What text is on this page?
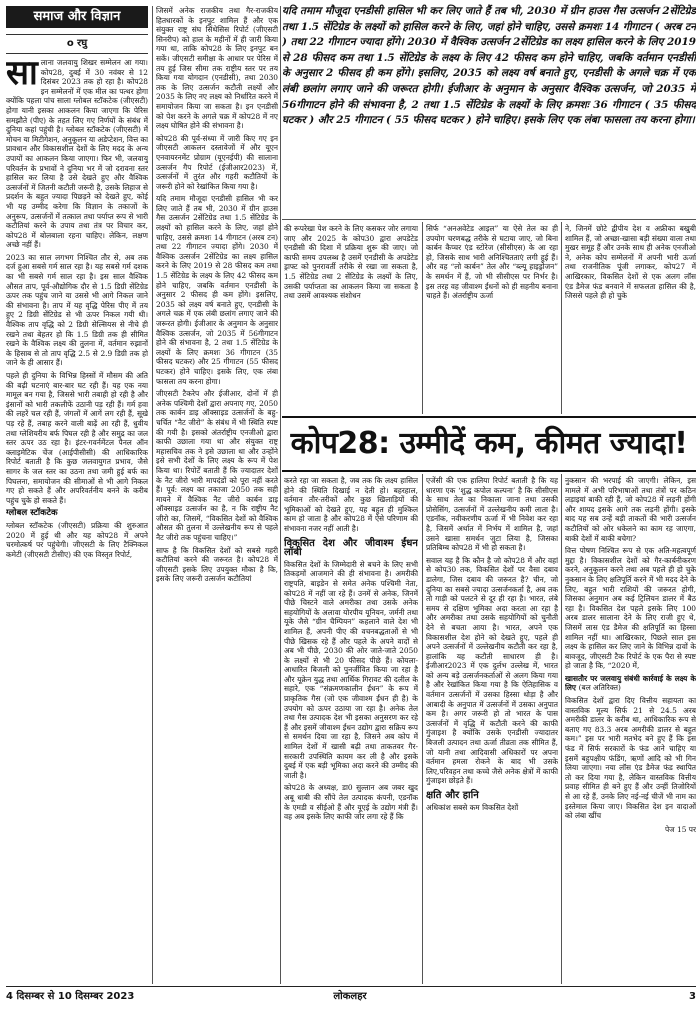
समाज और विज्ञान
ο रघु

सालाना जलवायु शिखर सम्मेलन आ गया। कोप28, दुबई में 30 नवंबर से 12 दिसंबर 2023 तक हो रहा है। कोप28 इन सम्मेलनों में एक मील का पत्थर होगा क्योंकि पहला पांच साला ग्लोबल स्टॉकटेक (जीएसटी) होगा यानी इसका आकलन किया जाएगा कि पेरिस समझौते (पीए) के तहत लिए गए निर्णयों के संबंध में दुनिया कहां पहुंची है। ग्लोबल स्टॉकटेक (जीएसटी) में मोचन या मिटीगेशन, अनुकूलन या अडेप्टेशन, वित्त का प्रावधान और विकासशील देशों के लिए मदद के अन्य उपायों का आकलन किया जाएगा। फिर भी, जलवायु परिवर्तन के प्रभावों ने दुनिया भर में जो दरावना स्तर हासिल कर लिया है उसे देखते हुए और वैश्विक उत्सर्जनों में जितनी कटौती जरूरी है, उसके लिहाज से प्रदर्शन के बहुत ज्यादा पिछड़ने को देखते हुए, कोई भी यह उम्मीद करेगा कि विज्ञान के तकाजों के अनुरूप, उत्सर्जनों में तत्काल तथा पर्याप्त रूप से भारी कटौतियां करने के उपाय तथा तंत्र पर विचार कर, कोप28 में बोलबाला रहना चाहिए। लेकिन, लक्षण अच्छे नहीं हैं।

2023 का साल लगभग निश्चित तौर से, अब तक दर्ज हुआ सबसे गर्म साल रहा है। यह सबसे गर्म दशक का भी सबसे गर्म साल रहा है। इस साल वैश्विक औसत ताप, पूर्व-औद्योगिक दौर से 1.5 डिग्री सेंटिग्रेड ऊपर तक पहुंच जाने या उससे भी आगे निकल जाने की संभावना है। ताप में यह वृद्धि पेरिस पीए में तय हुए 2 डिग्री सेंटिग्रेड से भी ऊपर निकल गयी थी। वैश्विक ताप वृद्धि को 2 डिग्री सेल्सियस से नीचे ही रखने तथा बेहतर हो कि 1.5 डिग्री तक ही सीमित रखने के वैश्विक लक्ष्य की तुलना में, वर्तमान रुझानों के हिसाब से तो ताप वृद्धि 2.5 से 2.9 डिग्री तक हो जाने के ही आसार हैं।

पहले ही दुनिया के विभिन्न हिस्सों में मौसम की अति की बढ़ी घटनाएं बार-बार घट रही हैं। यह एक नया मामूल बन गया है, जिससे भारी तबाही हो रही है और इंसानों को भारी तकलीफें उठानी पड़ रही हैं। गर्म हवा की लहरें चल रही हैं, जंगलों में आगें लग रही हैं, सूखे पड़ रहे हैं, तबाह करने वाली बाढ़ें आ रही हैं, धुवीय तथा ग्लेशियरीय बर्फ पिघल रही है और समुद्र का जल स्तर ऊपर उठ रहा है। इंटर-गवर्नमेंटल पैनल ऑन क्लाइमेटिक चेंज (आईपीसीसी) की आधिकारिक रिपोर्ट बताती है कि कुछ जलवायुगत प्रभाव, जैसे सागर के जल स्तर का उठना तथा जमी हुई बर्फ का पिघलना, समायोजन की सीमाओं से भी आगे निकल गए हो सकते हैं और अपरिवर्तनीय बनने के करीब पहुंच चुके हो सकते हैं।

ग्लोबल स्टॉकटेक

ग्लोबल स्टॉकटेक (जीएसटी) प्रक्रिया की शुरुआत 2020 में हुई थी और यह कोप28 में अपने चरमोत्कर्ष पर पहुंचेगी। जीएसटी के लिए टैक्निकल कमेटी (जीएसटी टीसीए) की एक विस्तृत रिपोर्ट,

जिसमें अनेक राजकीय तथा गैर-राजकीय हितधारकों के इनपुट शामिल हैं और एक संयुक्त राष्ट्र संघ सिंथेसिस रिपोर्ट (जीएसटी सिनरीप) को हाल के महीनों में ही जारी किया गया था, ताकि कोप28 के लिए इनपुट बन सकें। जीएसटी समीक्षा के आधार पर पेरिस में तय हुई जिस सीमा तक राष्ट्रीय स्तर पर तय किया गया योगदान (एनडीसी), तथा 2030 तक के लिए उत्सर्जन कटौती लक्ष्यों और 2035 के लिए नए लक्ष्य को निर्धारित करने में समायोजन किया जा सकता है। इन एनडीसी को पेश करने के अगले चक्र में कोप28 में नए लक्ष्य घोषित होने की संभावना है।

कोप28 की पूर्व-संध्या में जारी किए गए इन जीएसटी आकलन दस्तावेजों में और यूएन एनवायरनमेंट प्रोग्राम (यूएनईपी) की सालाना उत्सर्जन गैप रिपोर्ट (ईजीआर2023) में, उत्सर्जनों में तुरंत और गहरी कटौतियों के जरूरी होने को रेखांकित किया गया है।

यदि तमाम मौजूदा एनडीसी हासिल भी कर लिए जाते हैं तब भी, 2030 में ग्रीन हाउस गैस उत्सर्जन 2सेंटिग्रेड तथा 1.5 सेंटिग्रेड के लक्ष्यों को हासिल करने के लिए, जहां होने चाहिए, उससे क्रमशः 14 गीगाटन (अरब टन) तथा 22 गीगाटन ज्यादा होंगे। 2030 में वैश्विक उत्सर्जन 2सेंटिग्रेड का लक्ष्य हासिल करने के लिए 2019 से 28 फीसद कम तथा 1.5 सेंटिग्रेड के लक्ष्य के लिए 42 फीसद कम होने चाहिए, जबकि वर्तमान एनडीसी के अनुसार 2 फीसद ही कम होंगे। इसलिए, 2035 को लक्ष्य वर्ष बनाते हुए, एनडीसी के अगले चक्र में एक लंबी छलांग लगाए जाने की जरूरत होगी। ईजीआर के अनुमान के अनुसार वैश्विक उत्सर्जन, जो 2035 में 56गीगाटन होने की संभावना है, 2 तथा 1.5 सेंटिग्रेड के लक्ष्यों के लिए क्रमशः 36 गीगाटन (35 फीसद घटकर) और 25 गीगाटन (55 फीसद घटकर) होने चाहिए। इसके लिए, एक लंबा फासला तय करना होगा।

जीएसटी टैकरेप और ईजीआर, दोनों में ही अनेक पश्चिमी देशों द्वारा अपनाए गए, 2050 तक कार्बन डाइ ऑक्साइड उत्सर्जनों के बहु-चर्चित “नैट जीरो” के संबंध में भी स्थिति स्पष्ट की गयी है। इसको अंतर्राष्ट्रीय एनजीओ द्वारा काफी उछाला गया था और संयुक्त राष्ट्र महासचिव तक ने इसे उछाला था और उन्होंने इसे सभी देशों के लिए लक्ष्य के रूप में पेश किया था। रिपोर्टें बताती हैं कि ज्यादातर देशों के नैट जीरो भारी मापदंडों को पूरा नहीं करते हैं। पूर्व: लक्ष्य का तकाजा 2050 तक सही मायने में वैश्विक नैट जीरो कार्बन डाइ ऑक्साइड उत्सर्जन का है, न कि राष्ट्रीय नैट जीरो का, जिसमें, “विकसित देशों को वैश्विक औसत की तुलना में उल्लेखनीय रूप से पहले नैट जीरो तक पहुंचना चाहिए।”

साफ है कि विकसित देशों को सबसे गहरी कटौतियां करने की जरूरत है। कोप28 में जीएसटी इसके लिए उपयुक्त मौका है कि, इसके लिए जरूरी उत्सर्जन कटौतियां

यदि तमाम मौजूदा एनडीसी हासिल भी कर लिए जाते हैं तब भी, 2030 में ग्रीन हाउस गैस उत्सर्जन 2सेंटिग्रेड तथा 1.5 सेंटिग्रेड के लक्ष्यों को हासिल करने के लिए, जहां होने चाहिए, उससे क्रमशः 14 गीगाटन ( अरब टन ) तथा 22 गीगाटन ज्यादा होंगे। 2030 में वैश्विक उत्सर्जन 2सेंटिग्रेड का लक्ष्य हासिल करने के लिए 2019 से 28 फीसद कम तथा 1.5 सेंटिग्रेड के लक्ष्य के लिए 42 फीसद कम होने चाहिए, जबकि वर्तमान एनडीसी के अनुसार 2 फीसद ही कम होंगे। इसलिए, 2035 को लक्ष्य वर्ष बनाते हुए, एनडीसी के अगले चक्र में एक लंबी छलांग लगाए जाने की जरूरत होगी। ईजीआर के अनुमान के अनुसार वैश्विक उत्सर्जन, जो 2035 में 56गीगाटन होने की संभावना है, 2 तथा 1.5 सेंटिग्रेड के लक्ष्यों के लिए क्रमशः 36 गीगाटन ( 35 फीसद घटकर ) और 25 गीगाटन ( 55 फीसद घटकर ) होने चाहिए। इसके लिए एक लंबा फासला तय करना होगा।

की रूपरेखा पेश करने के लिए कसकर जोर लगाया जाए और 2025 के कोप30 द्वारा अपडेटेड एनडीसी की दिशा में प्रक्रिया शुरू की जाए। जो काफी समय उपलब्ध है उसमें एनडीसी के अपडेटेड ड्राफ्ट को पुनरावर्ती तरीके से रखा जा सकता है, 1.5 सेंटिग्रेड तथा 2 सेंटिग्रेड के लक्ष्यों के लिए, उसकी पर्याप्तता का आकलन किया जा सकता है तथा उसमें आवश्यक संशोधन

सिर्फ “अनअवेटेड आइल” या ऐसे तेल का ही उपयोग चरणबद्ध तरीके से घटाया जाए, जो बिना कार्बन कैप्चर एंड स्टोरेज (सीसीएस) के आ रहा हो, जिसके साथ भारी अनिश्चितताएं लगी हुई हैं। और वह “लो कार्बन” तेल और “ब्ल्यू हाइड्रोजन” के समर्थन में हैं, जो भी सीसीएस पर निर्भर है। इस तरह वह जीवाश्म ईंधनों को ही सहनीय बनाना चाहते हैं। अंतर्राष्ट्रीय ऊर्जा

ने, जिनमें छोटे द्वीपीय देश व अफ्रीका बखुबी शामिल हैं, जो अच्छा-खासा बड़ी संख्या वाला तथा मुखर समूह हैं और उनके साथ ही अनेक एनजीओ ने, अनेक कोप सम्मेलनों में अपनी भारी ऊर्जा तथा राजनीतिक पूंजी लगाकर, कोप27 में आखिरकार, विकसित देशों से एक अलग लॉस एंड डैमेज फंड बनवाने में सफलता हासिल की है, जिससे पहले ही हो चुके

कोप28: उम्मीदें कम, कीमत ज्यादा!

करते रहा जा सकता है, जब तक कि लक्ष्य हासिल होने की स्थिति दिखाई न देती हो। बहरहाल, वर्तमान तौर-तरीकों और कुछ खिलाड़ियों की भूमिकाओं को देखते हुए, यह बहुत ही मुश्किल काम हो जाता है और कोप28 में ऐसे परिणाम की संभावना नजर नहीं आती है।

विकसित देश और जीवाश्म ईंधन लॉबी

विकसित देशों के जिम्मेदारी से बचने के लिए सभी तिकड़मों आजमाने की ही संभावना है। अमरीकी राष्ट्रपति, बाइडेन से समेत अनेक पश्चिमी नेता, कोप28 में नहीं जा रहे हैं। उनमें से अनेक, जिनमें पीछे चिस्टने वाले अमरीका तथा उसके अनेक सहयोगियों के अलावा योरपीय यूनियन, जर्मनी तथा यूके जैसे “ग्रीन चैम्पियन” कहलाने वाले देश भी शामिल हैं, अपनी पीए की वचनबद्धताओं से भी पीछे खिसक रहे हैं और पहले के अपने वादों से अब भी पीछे, 2030 की ओर जाते-जाते 2050 के लक्ष्यों से भी 20 फीसद पीछे हैं। कोयला-आधारित बिजली को पुनर्जीवित किया जा रहा है और यूक्रेन युद्ध तथा आर्थिक गिरावट की दलील के सहारे, एक “संक्रमणकालीन ईंधन” के रूप में प्राकृतिक गैस (जो एक जीवाश्म ईंधन ही है) के उपयोग को ऊपर उठाया जा रहा है। अनेक तेल तथा गैस उत्पादक देश भी इसका अनुसरण कर रहे हैं और इसमें जीवाश्म ईंधन उद्योग द्वारा सक्रिय रूप से समर्थन दिया जा रहा है, जिसने अब कोप में शामिल देशों में खासी बढ़ी तथा ताकतवर गैर-सरकारी उपस्थिति कायम कर ली है और इसके दुबई में एक बड़ी भूमिका अदा करने की उम्मीद की जाती है।

कोप28 के अध्यक्ष, डा0 सुल्तान अब जबर खुद अबू धाबी की सौंपे तेल उत्पादक कंपनी, एडनॉक के एमडी व सीईओ हैं और यूएई के उद्योग मंत्री हैं। वह अब इसके लिए काफी जोर लगा रहे हैं कि

एजेंसी की एक हालिया रिपोर्ट बताती है कि यह धारणा एक ‘शुद्ध कपोल कल्पना’ है कि सीसीएस के साथ तेल का निकाला जाना तथा उसकी प्रोसेसिंग, उत्सर्जनों में उल्लेखनीय कमी लाता है। एडनॉक, नवीकरणीय ऊर्जा में भी निवेश कर रहा है, जिसमें अर्थात में निर्भय में शामिल है, जहां उसने खासा समर्थन जुटा लिया है, जिसका प्रतिबिम्ब कोप28 में भी हो सकता है।

सवाल यह है कि कौन है जो कोप28 में और वहां से कोप30 तक, विकसित देशों पर वैसा दबाव डालेगा, जिस दबाव की जरूरत है? चीन, जो दुनिया का सबसे ज्यादा उत्सर्जनकर्ता है, अब तक तो गाड़ी को पलटने से दूर ही रहा है। भारत, लंबे समय से दक्षिण भूमिका अदा करता आ रहा है और अमरीका तथा उसके सहयोगियों को चुनौती देने से बचता आया है। भारत, अपने एक विकासशील देश होने को देखते हुए, पहले ही अपने उत्सर्जनों में उल्लेखनीय कटौती कर रहा है, हालांकि यह कटौती साधारण ही है। ईजीआर2023 में एक दुर्लभ उल्लेख में, भारत को अन्य बड़े उत्सर्जनकर्ताओं से अलग किया गया है और रेखांकित किया गया है कि ऐतिहासिक व वर्तमान उत्सर्जनों में उसका हिस्सा थोड़ा है और आबादी के अनुपात में उत्सर्जनों में उसका अनुपात कम है। अगर जरूरी हो तो भारत के पास उत्सर्जनों में वृद्धि में कटौती करने की काफी गुंजाइश है क्योंकि उसके एनडीसी ज्यादातर बिजली उत्पादन तथा ऊर्जा तीव्रता तक सीमित हैं, जो यानी तथा आदिवासी अधिकारों पर अपना वर्तमान हमला रोकने के बाद भी उसके लिए,परिवहन तथा कच्चे जैसे अनेक क्षेत्रों में काफी गुंजाइश छोड़ते हैं।

क्षति और हानि

अधिकांश सबसे कम विकसित देशों

नुकसान की भरपाई की जाएगी। लेकिन, इस मामले में अभी परिभाषाओं तथा तंत्रों पर कठिन लड़ाइयां बाकी रही हैं, जो कोप28 में लड़नी होंगी और शायद इसके आगे तक लड़नी होंगी। इसके बाद यह सब उन्हें बड़ी ताकतों की भारी उत्सर्जन कटौतियों को ओर धकेलने का काम रह जाएगा, बाकी देशों में बाकी बचेगा?

वित्त पोषण निश्चित रूप से एक अति-महत्वपूर्ण मुद्दा है। विकासशील देशों को गैर-कार्बनीकरण करने, अनुकूलन करने तथा अब पहले ही हो चुके नुकसान के लिए क्षतिपूर्ति करने में भी मदद देने के लिए, बहुत भारी राशियों की जरूरत होगी, जिसका अनुमान अब कई ट्रिलियन डालर में बैठ रहा है। विकसित देश पहले इसके लिए 100 अरब डालर सालाना देने के लिए राजी हुए थे, जिसमें लास एंड डैमेज की क्षतिपूर्ति का हिस्सा शामिल नहीं था। आखिरकार, पिछले साल इस लक्ष्य के हासिल कर लिए जाने के विभिन्न दावों के बावजूद, जीएसटी टैक रिपोर्ट के एक पैरा से स्पष्ट हो जाता है कि, “2020 में,

खासतौर पर जलवायु संबंधी कार्रवाई के लक्ष्य के लिए (बल अतिरिक्त)

विकसित देशों द्वारा दिए वित्तीय सहायता का वास्तविक मूल्य सिर्फ 21 से 24.5 अरब अमरीकी डालर के करीब था, आधिकारिक रूप से बताए गए 83.3 अरब अमरीकी डालर से बहुत कम।” इस पर भारी मतभेद बने हुए हैं कि इस फंड में सिर्फ सरकारों के फंड आने चाहिए या इसमें बहुपक्षीय फंडिंग, ऋणों आदि को भी गिन लिया जाएगा। नया लॉस एंड डैमेज फंड स्थापित तो कर दिया गया है, लेकिन वास्तविक वित्तीय प्रवाह सीमित ही बने हुए हैं और उन्हीं तिजोरियों से आ रहे हैं, उनके लिए नई-नई चीजें भी नाम का इस्तेमाल किया जाए। विकसित देश इन वादाओं को लंबा खींच

पेज 15 पर
4 दिसम्बर से 10 दिसम्बर 2023	लोकलहर	3
